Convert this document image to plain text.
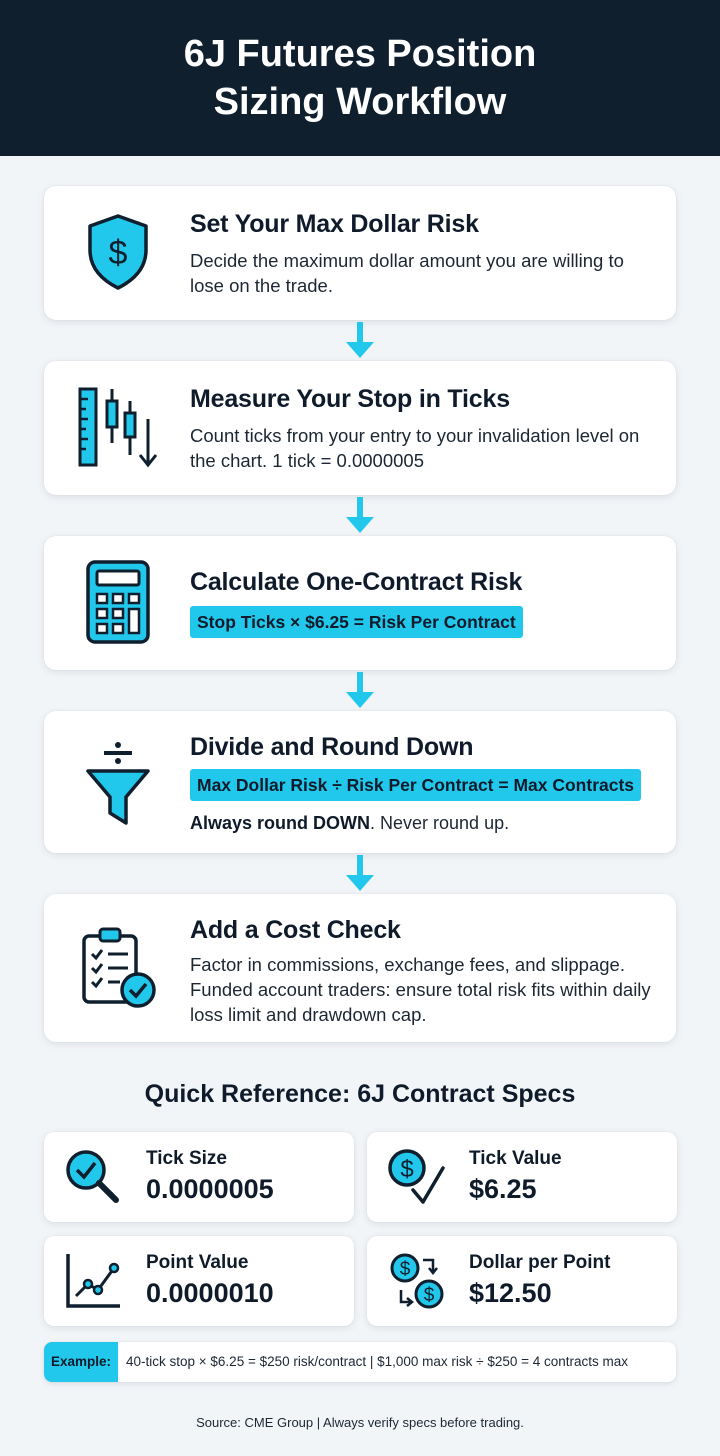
6J Futures Position Sizing Workflow
$
Set Your Max Dollar Risk
Decide the maximum dollar amount you are willing to lose on the trade.
Measure Your Stop in Ticks
Count ticks from your entry to your invalidation level on the chart. 1 tick = 0.0000005
Calculate One-Contract Risk
Stop Ticks × $6.25 = Risk Per Contract
Divide and Round Down
Max Dollar Risk ÷ Risk Per Contract = Max Contracts
Always round DOWN. Never round up.
Add a Cost Check
Factor in commissions, exchange fees, and slippage. Funded account traders: ensure total risk fits within daily loss limit and drawdown cap.
Quick Reference: 6J Contract Specs
Tick Size
0.0000005
$	Tick Value
$6.25
Point Value
0.0000010
$
$
Dollar per Point
$12.50
Example:	40-tick stop × $6.25 = $250 risk/contract | $1,000 max risk ÷ $250 = 4 contracts max
Source: CME Group | Always verify specs before trading.
